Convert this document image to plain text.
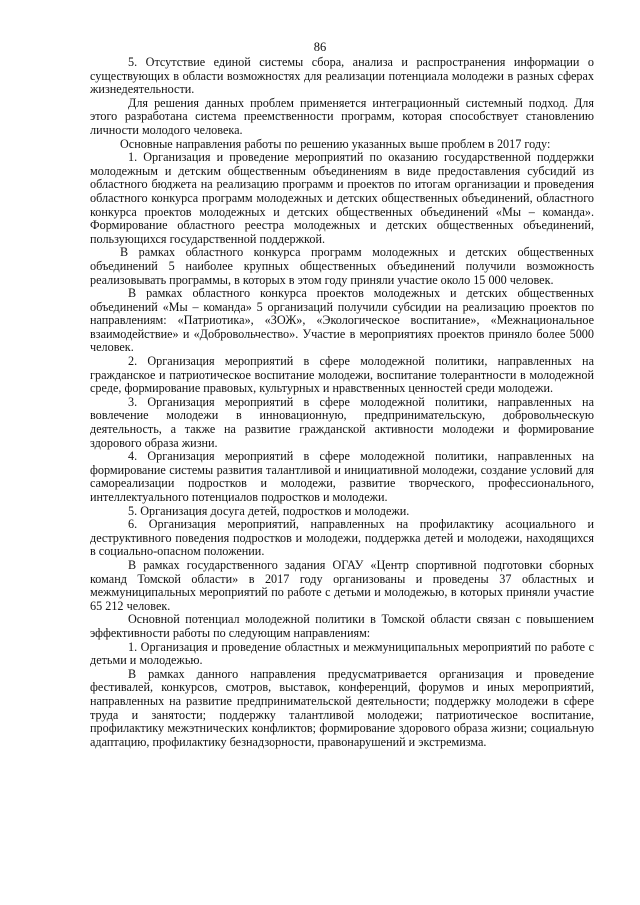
86

5. Отсутствие единой системы сбора, анализа и распространения информации о существующих в области возможностях для реализации потенциала молодежи в разных сферах жизнедеятельности.

Для решения данных проблем применяется интеграционный системный подход. Для этого разработана система преемственности программ, которая способствует становлению личности молодого человека.

Основные направления работы по решению указанных выше проблем в 2017 году:

1. Организация и проведение мероприятий по оказанию государственной поддержки молодежным и детским общественным объединениям в виде предоставления субсидий из областного бюджета на реализацию программ и проектов по итогам организации и проведения областного конкурса программ молодежных и детских общественных объединений, областного конкурса проектов молодежных и детских общественных объединений «Мы – команда». Формирование областного реестра молодежных и детских общественных объединений, пользующихся государственной поддержкой.

В рамках областного конкурса программ молодежных и детских общественных объединений 5 наиболее крупных общественных объединений получили возможность реализовывать программы, в которых в этом году приняли участие около 15 000 человек.

В рамках областного конкурса проектов молодежных и детских общественных объединений «Мы – команда» 5 организаций получили субсидии на реализацию проектов по направлениям: «Патриотика», «ЗОЖ», «Экологическое воспитание», «Межнациональное взаимодействие» и «Добровольчество». Участие в мероприятиях проектов приняло более 5000 человек.

2. Организация мероприятий в сфере молодежной политики, направленных на гражданское и патриотическое воспитание молодежи, воспитание толерантности в молодежной среде, формирование правовых, культурных и нравственных ценностей среди молодежи.

3. Организация мероприятий в сфере молодежной политики, направленных на вовлечение молодежи в инновационную, предпринимательскую, добровольческую деятельность, а также на развитие гражданской активности молодежи и формирование здорового образа жизни.

4. Организация мероприятий в сфере молодежной политики, направленных на формирование системы развития талантливой и инициативной молодежи, создание условий для самореализации подростков и молодежи, развитие творческого, профессионального, интеллектуального потенциалов подростков и молодежи.

5. Организация досуга детей, подростков и молодежи.

6. Организация мероприятий, направленных на профилактику асоциального и деструктивного поведения подростков и молодежи, поддержка детей и молодежи, находящихся в социально-опасном положении.

В рамках государственного задания ОГАУ «Центр спортивной подготовки сборных команд Томской области» в 2017 году организованы и проведены 37 областных и межмуниципальных мероприятий по работе с детьми и молодежью, в которых приняли участие 65 212 человек.

Основной потенциал молодежной политики в Томской области связан с повышением эффективности работы по следующим направлениям:

1. Организация и проведение областных и межмуниципальных мероприятий по работе с детьми и молодежью.

В рамках данного направления предусматривается организация и проведение фестивалей, конкурсов, смотров, выставок, конференций, форумов и иных мероприятий, направленных на развитие предпринимательской деятельности; поддержку молодежи в сфере труда и занятости; поддержку талантливой молодежи; патриотическое воспитание, профилактику межэтнических конфликтов; формирование здорового образа жизни; социальную адаптацию, профилактику безнадзорности, правонарушений и экстремизма.
